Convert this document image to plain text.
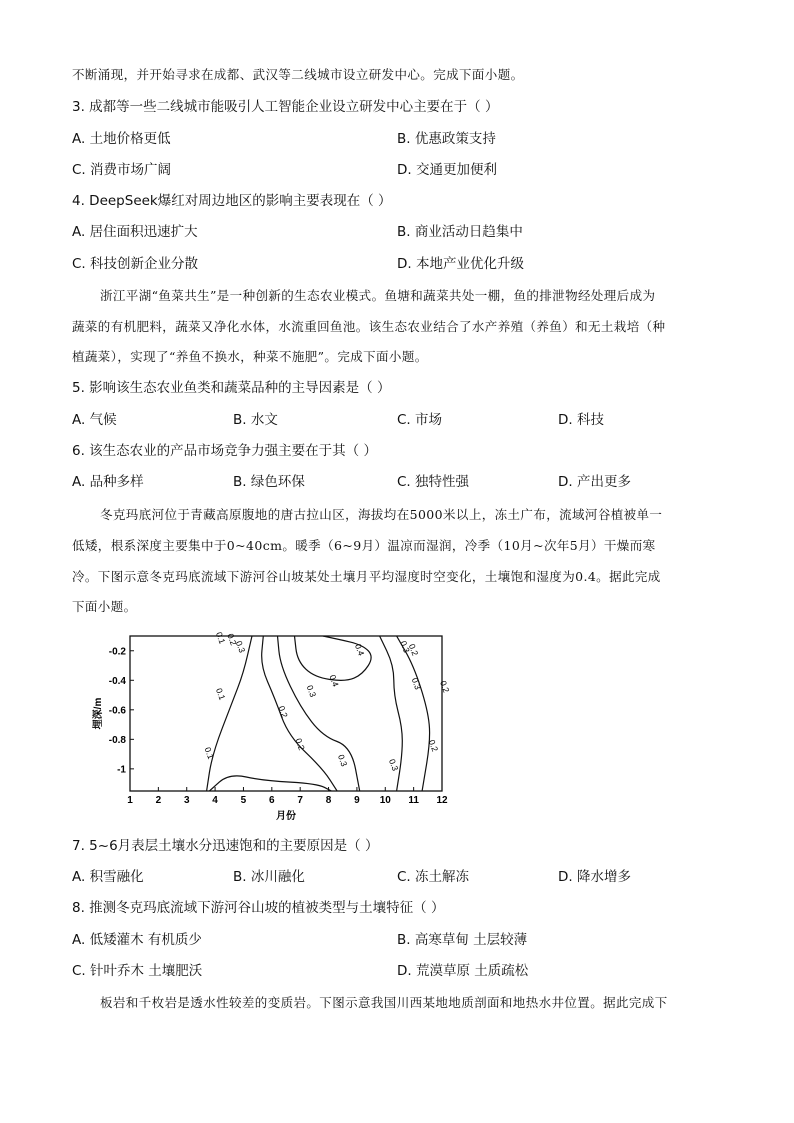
不断涌现，并开始寻求在成都、武汉等二线城市设立研发中心。完成下面小题。
3. 成都等一些二线城市能吸引人工智能企业设立研发中心主要在于（ ）
A. 土地价格更低	B. 优惠政策支持
C. 消费市场广阔	D. 交通更加便利
4. DeepSeek爆红对周边地区的影响主要表现在（ ）
A. 居住面积迅速扩大	B. 商业活动日趋集中
C. 科技创新企业分散	D. 本地产业优化升级
浙江平湖“鱼菜共生”是一种创新的生态农业模式。鱼塘和蔬菜共处一棚，鱼的排泄物经处理后成为
蔬菜的有机肥料，蔬菜又净化水体，水流重回鱼池。该生态农业结合了水产养殖（养鱼）和无土栽培（种
植蔬菜），实现了“养鱼不换水，种菜不施肥”。完成下面小题。
5. 影响该生态农业鱼类和蔬菜品种的主导因素是（ ）
A. 气候	B. 水文	C. 市场	D. 科技
6. 该生态农业的产品市场竞争力强主要在于其（ ）
A. 品种多样	B. 绿色环保	C. 独特性强	D. 产出更多
冬克玛底河位于青藏高原腹地的唐古拉山区，海拔均在5000米以上，冻土广布，流域河谷植被单一
低矮，根系深度主要集中于0~40cm。暖季（6~9月）温凉而湿润，冷季（10月~次年5月）干燥而寒
冷。下图示意冬克玛底流域下游河谷山坡某处土壤月平均湿度时空变化，土壤饱和湿度为0.4。据此完成
下面小题。
0.1
0.1
0.1
0.2
0.2
0.2
0.3
0.3
0.3
0.2
0.2
0.2
0.3
0.3
0.3
0.4
0.4
1 2 3 4 5 6 7 8 9 10 11 12
-0.2
-0.4
-0.6
-0.8
-1
月份
埋深/m
7. 5~6月表层土壤水分迅速饱和的主要原因是（ ）
A. 积雪融化	B. 冰川融化	C. 冻土解冻	D. 降水增多
8. 推测冬克玛底流域下游河谷山坡的植被类型与土壤特征（ ）
A. 低矮灌木 有机质少	B. 高寒草甸 土层较薄
C. 针叶乔木 土壤肥沃	D. 荒漠草原 土质疏松
板岩和千枚岩是透水性较差的变质岩。下图示意我国川西某地地质剖面和地热水井位置。据此完成下
